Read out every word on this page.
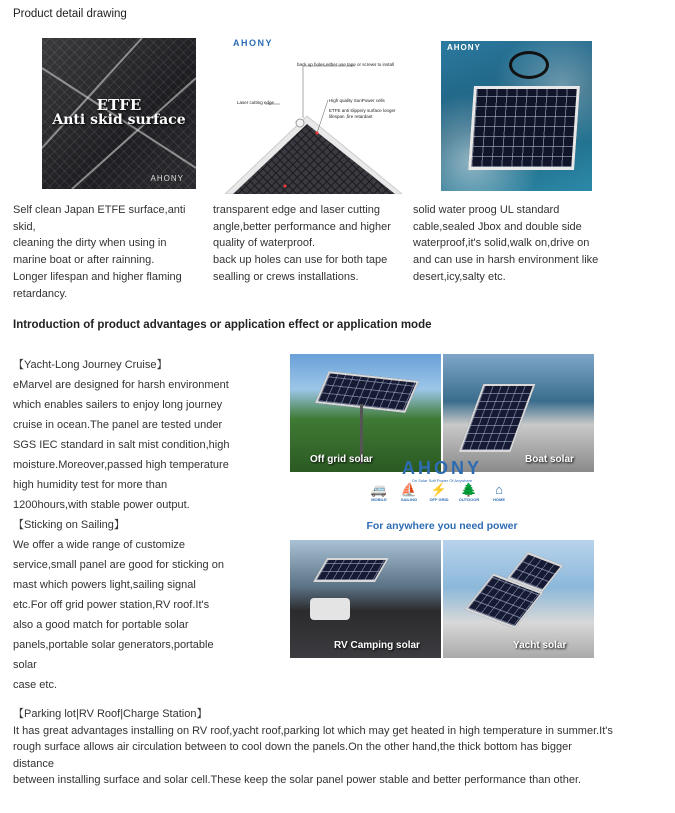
Product detail drawing
ETFE
Anti skid surface
AHONY
AHONY
back up holes,either use tape or screws to install
Laser cutting edge	High quality SunPower cells
ETFE anti slippery surface longer
lifespan ,fire retardant
AHONY
Self clean Japan ETFE surface,anti skid,
cleaning the dirty when using in marine boat or after rainning.
Longer lifespan and higher flaming retardancy.
transparent edge and laser cutting angle,better performance and higher quality of waterproof.
back up holes can use for both tape sealling or crews installations.
solid water proog UL standard cable,sealed Jbox and double side waterproof,it's solid,walk on,drive on and can use in harsh environment like desert,icy,salty etc.
Introduction of product advantages or application effect or application mode
【Yacht-Long Journey Cruise】
eMarvel are designed for harsh environment
which enables sailers to enjoy long journey
cruise in ocean.The panel are tested under
SGS IEC standard in salt mist condition,high
moisture.Moreover,passed high temperature
high humidity test for more than
1200hours,with stable power output.
【Sticking on Sailing】
We offer a wide range of customize
service,small panel are good for sticking on
mast which powers light,sailing signal
etc.For off grid power station,RV roof.It's
also a good match for portable solar
panels,portable solar generators,portable
solar
case etc.
Off grid solar	Boat solar
AHONY
On Solar Soft Power Of Anywhere
🚐
MOBILE
⛵
SAILING
⚡
OFF GRID
🌲
OUTDOOR
⌂
HOME
For anywhere you need power
RV Camping solar	Yacht solar
【Parking lot|RV Roof|Charge Station】
It has great advantages installing on RV roof,yacht roof,parking lot which may get heated in high temperature in summer.It's
rough surface allows air circulation between to cool down the panels.On the other hand,the thick bottom has bigger distance
between installing surface and solar cell.These keep the solar panel power stable and better performance than other.
